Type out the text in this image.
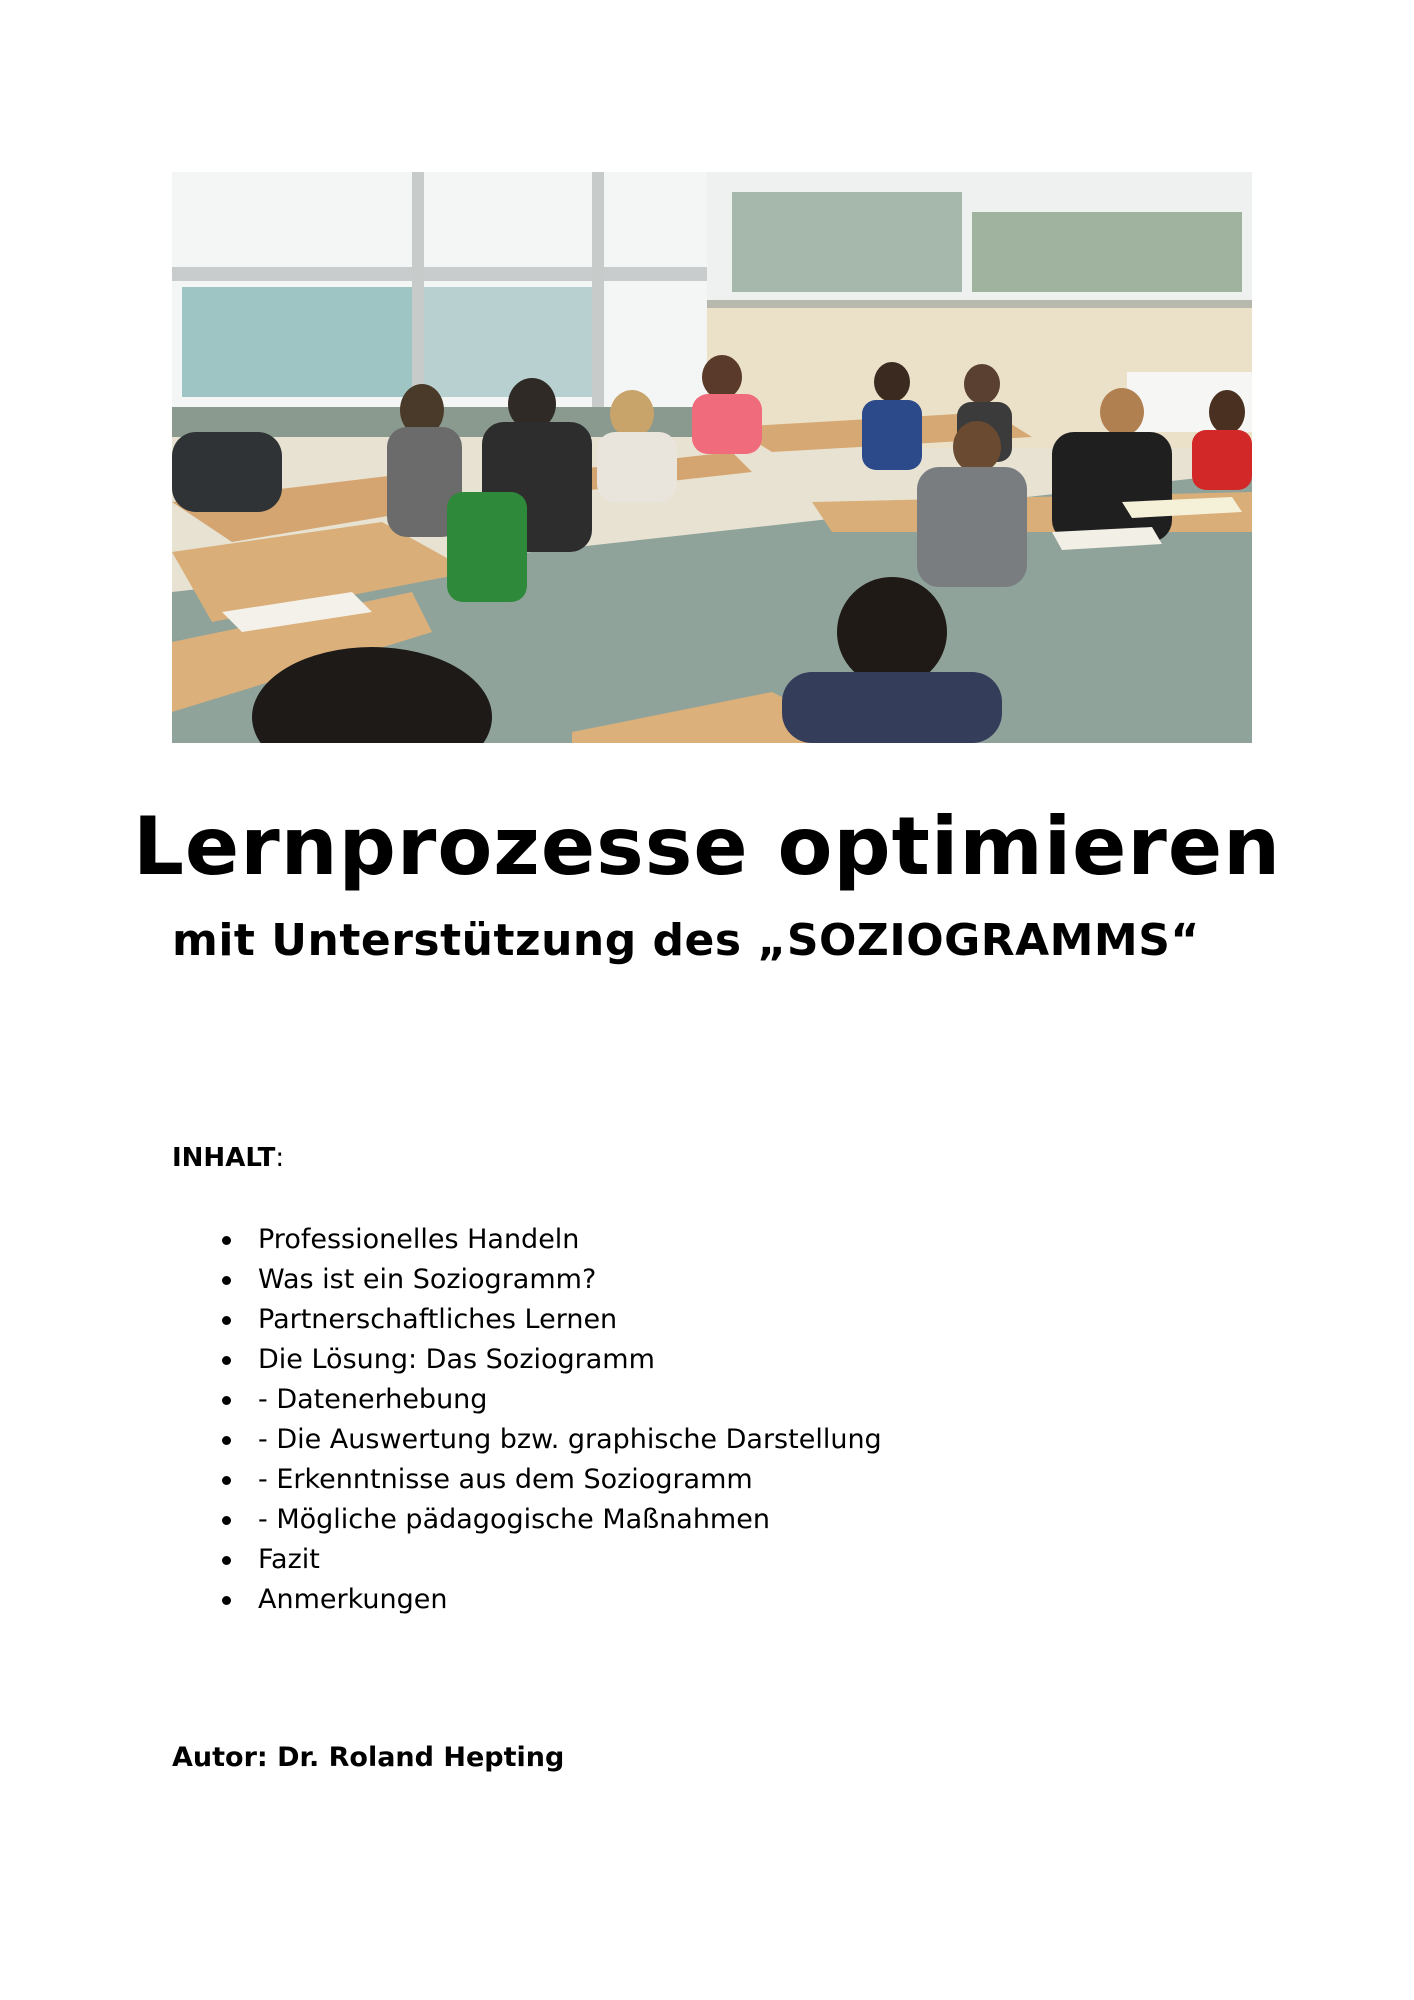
Lernprozesse optimieren
mit Unterstützung des „SOZIOGRAMMS“

INHALT:

Professionelles Handeln
Was ist ein Soziogramm?
Partnerschaftliches Lernen
Die Lösung: Das Soziogramm
- Datenerhebung
- Die Auswertung bzw. graphische Darstellung
- Erkenntnisse aus dem Soziogramm
- Mögliche pädagogische Maßnahmen
Fazit
Anmerkungen

Autor: Dr. Roland Hepting
